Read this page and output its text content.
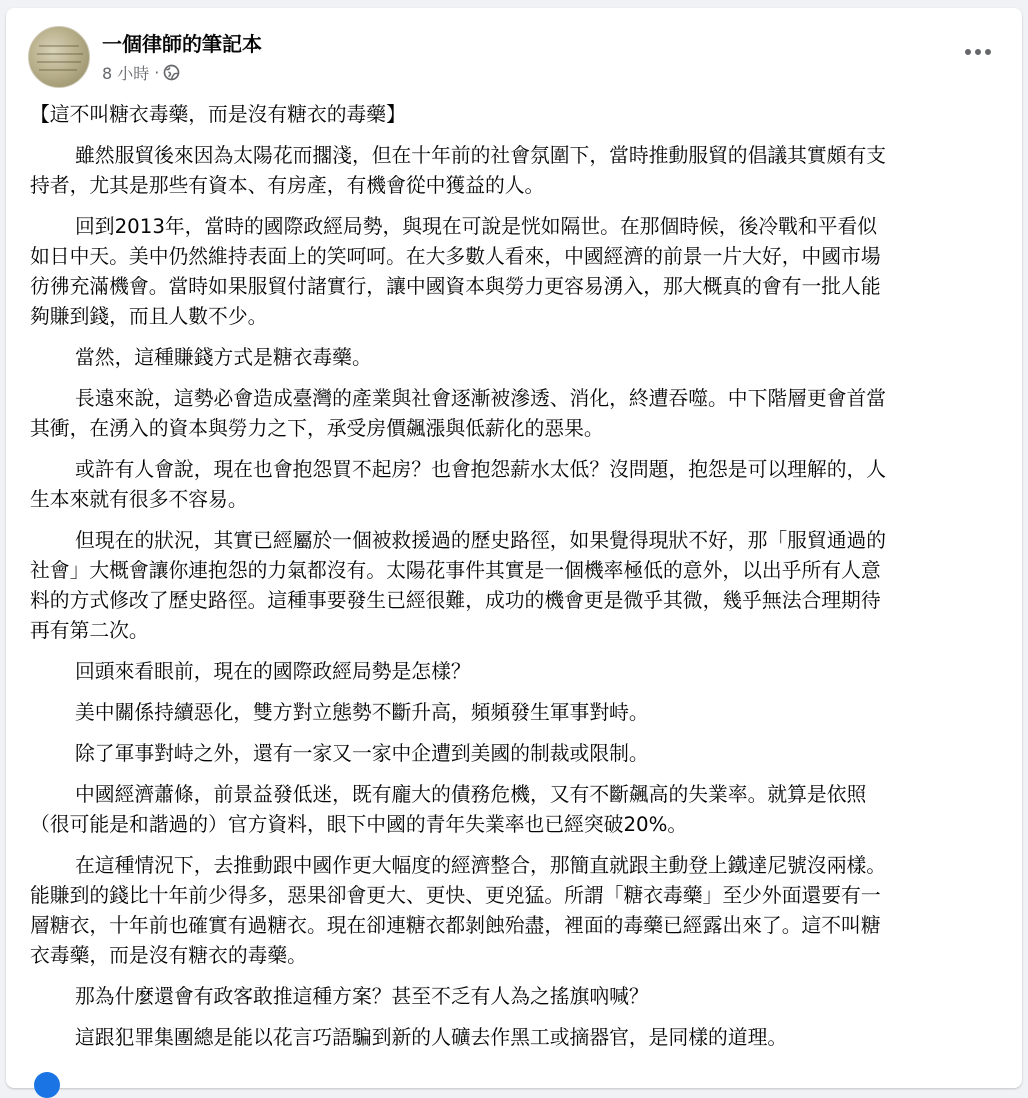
一個律師的筆記本
8 小時 ·
【這不叫糖衣毒藥，而是沒有糖衣的毒藥】
雖然服貿後來因為太陽花而擱淺，但在十年前的社會氛圍下，當時推動服貿的倡議其實頗有支
持者，尤其是那些有資本、有房產，有機會從中獲益的人。
回到2013年，當時的國際政經局勢，與現在可說是恍如隔世。在那個時候，後冷戰和平看似
如日中天。美中仍然維持表面上的笑呵呵。在大多數人看來，中國經濟的前景一片大好，中國市場
彷彿充滿機會。當時如果服貿付諸實行，讓中國資本與勞力更容易湧入，那大概真的會有一批人能
夠賺到錢，而且人數不少。
當然，這種賺錢方式是糖衣毒藥。
長遠來說，這勢必會造成臺灣的產業與社會逐漸被滲透、消化，終遭吞噬。中下階層更會首當
其衝，在湧入的資本與勞力之下，承受房價飆漲與低薪化的惡果。
或許有人會說，現在也會抱怨買不起房？也會抱怨薪水太低？沒問題，抱怨是可以理解的，人
生本來就有很多不容易。
但現在的狀況，其實已經屬於一個被救援過的歷史路徑，如果覺得現狀不好，那「服貿通過的
社會」大概會讓你連抱怨的力氣都沒有。太陽花事件其實是一個機率極低的意外，以出乎所有人意
料的方式修改了歷史路徑。這種事要發生已經很難，成功的機會更是微乎其微，幾乎無法合理期待
再有第二次。
回頭來看眼前，現在的國際政經局勢是怎樣？
美中關係持續惡化，雙方對立態勢不斷升高，頻頻發生軍事對峙。
除了軍事對峙之外，還有一家又一家中企遭到美國的制裁或限制。
中國經濟蕭條，前景益發低迷，既有龐大的債務危機，又有不斷飆高的失業率。就算是依照
（很可能是和諧過的）官方資料，眼下中國的青年失業率也已經突破20%。
在這種情況下，去推動跟中國作更大幅度的經濟整合，那簡直就跟主動登上鐵達尼號沒兩樣。
能賺到的錢比十年前少得多，惡果卻會更大、更快、更兇猛。所謂「糖衣毒藥」至少外面還要有一
層糖衣，十年前也確實有過糖衣。現在卻連糖衣都剝蝕殆盡，裡面的毒藥已經露出來了。這不叫糖
衣毒藥，而是沒有糖衣的毒藥。
那為什麼還會有政客敢推這種方案？甚至不乏有人為之搖旗吶喊？
這跟犯罪集團總是能以花言巧語騙到新的人礦去作黑工或摘器官，是同樣的道理。
